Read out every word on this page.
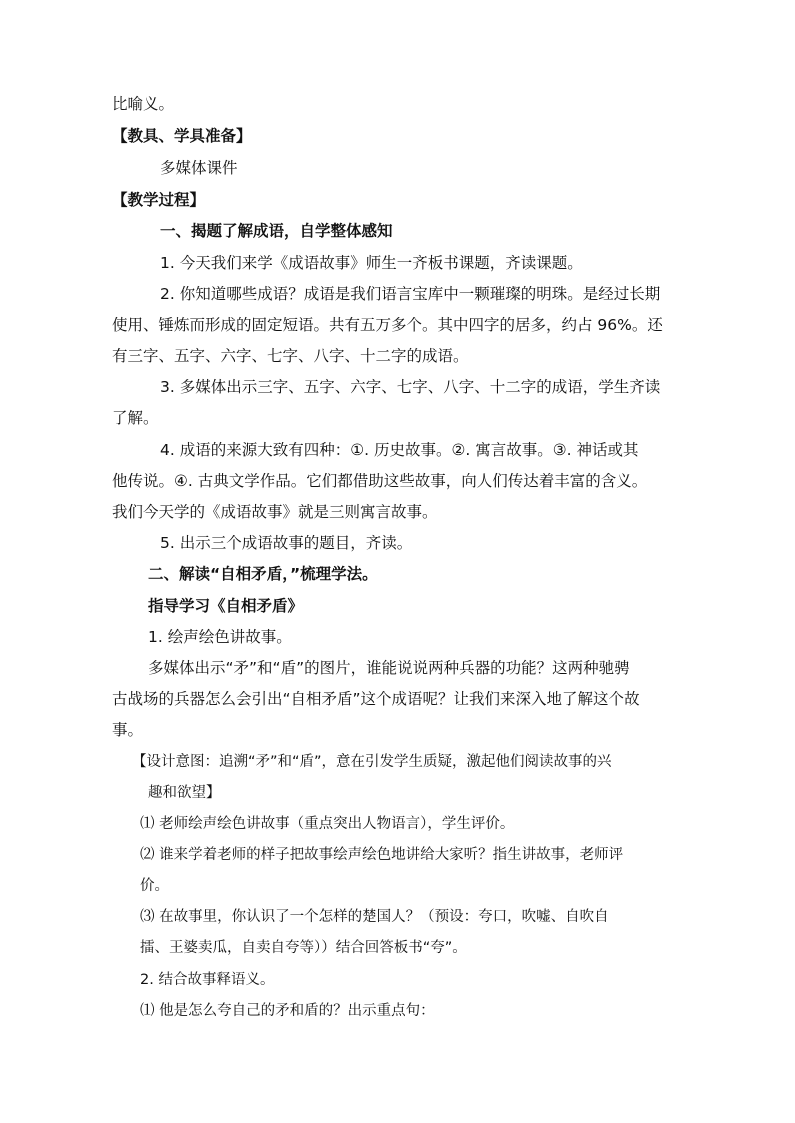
比喻义。
【教具、学具准备】
多媒体课件
【教学过程】
一、揭题了解成语，自学整体感知
1. 今天我们来学《成语故事》师生一齐板书课题，齐读课题。
2. 你知道哪些成语？成语是我们语言宝库中一颗璀璨的明珠。是经过长期
使用、锤炼而形成的固定短语。共有五万多个。其中四字的居多，约占 96%。还
有三字、五字、六字、七字、八字、十二字的成语。
3. 多媒体出示三字、五字、六字、七字、八字、十二字的成语，学生齐读
了解。
4. 成语的来源大致有四种：①. 历史故事。②. 寓言故事。③. 神话或其
他传说。④. 古典文学作品。它们都借助这些故事，向人们传达着丰富的含义。
我们今天学的《成语故事》就是三则寓言故事。
5. 出示三个成语故事的题目，齐读。
二、解读“自相矛盾，”梳理学法。
指导学习《自相矛盾》
1. 绘声绘色讲故事。
多媒体出示“矛”和“盾”的图片，谁能说说两种兵器的功能？这两种驰骋
古战场的兵器怎么会引出“自相矛盾”这个成语呢？让我们来深入地了解这个故
事。
【设计意图：追溯“矛”和“盾”，意在引发学生质疑，激起他们阅读故事的兴
趣和欲望】
⑴ 老师绘声绘色讲故事（重点突出人物语言），学生评价。
⑵ 谁来学着老师的样子把故事绘声绘色地讲给大家听？指生讲故事，老师评
价。
⑶ 在故事里，你认识了一个怎样的楚国人？（预设：夸口，吹嘘、自吹自
擂、王婆卖瓜，自卖自夸等））结合回答板书“夸”。
2. 结合故事释语义。
⑴ 他是怎么夸自己的矛和盾的？出示重点句：
